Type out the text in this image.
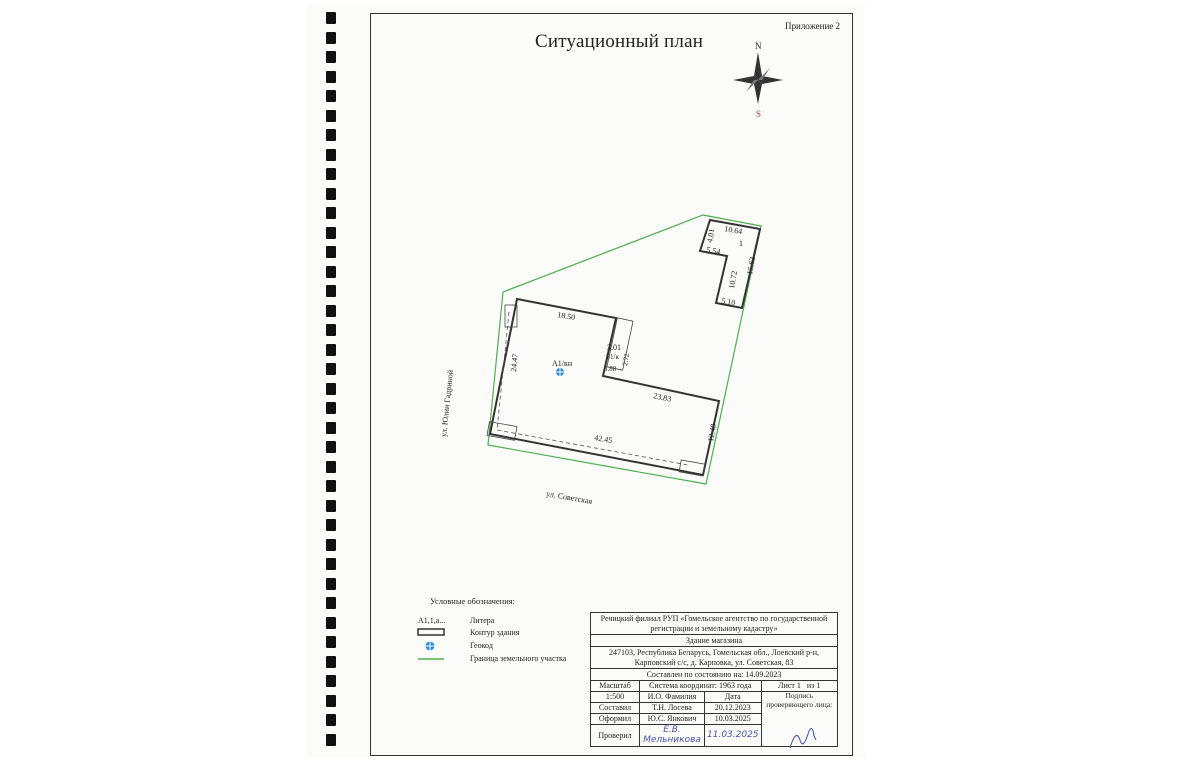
Приложение 2
Ситуационный план	N
S
18.50
24.47
3.01
Б1/к 2.72
3.88
23.83
42.45	12.48
А1/кн
10.64
4.01
5.54
10.72
15.63
5.10
1
ул. Юлии Гадриной
ул. Советская
Условные обозначения:
А1,1,а...	Литера
Контур здания
Геокод
Граница земельного участка
Речицкий филиал РУП «Гомельское агентство по государственной регистрации и земельному кадастру»			
Здание магазина			
247103, Республика Беларусь, Гомельская обл., Лоевский р-н, Карповский с/с, д. Карповка, ул. Советская, 83			
Составлен по состоянию на: 14.09.2023			
Масштаб	Система координат: 1963 года		Лист 1 из 1
1:500	И.О. Фамилия	Дата	Подпись проверяющего лица:
Составил	Т.Н. Лосева	20.12.2023	
Оформил	Ю.С. Янкович	10.03.2025	
Проверил	Е.В. Мельникова	11.03.2025	
